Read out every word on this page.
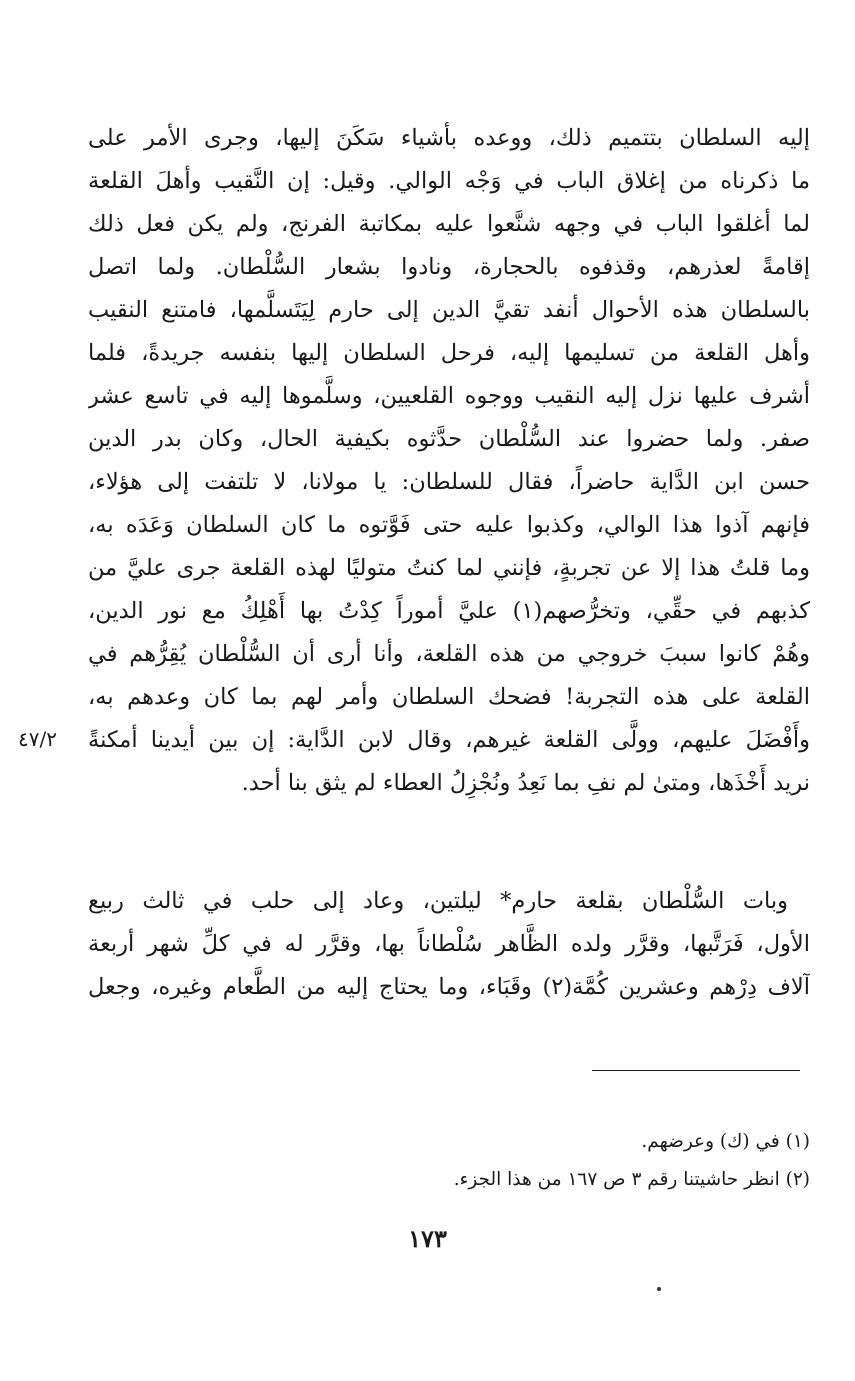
إليه السلطان بتتميم ذلك، ووعده بأشياء سَكَنَ إليها، وجرى الأمر على
ما ذكرناه من إغلاق الباب في وَجْه الوالي. وقيل: إن النَّقيب وأهلَ القلعة
لما أغلقوا الباب في وجهه شنَّعوا عليه بمكاتبة الفرنج، ولم يكن فعل ذلك
إقامةً لعذرهم، وقذفوه بالحجارة، ونادوا بشعار السُّلْطان. ولما اتصل
بالسلطان هذه الأحوال أنفد تقيَّ الدين إلى حارم لِيَتَسلَّمها، فامتنع النقيب
وأهل القلعة من تسليمها إليه، فرحل السلطان إليها بنفسه جريدةً، فلما
أشرف عليها نزل إليه النقيب ووجوه القلعيين، وسلَّموها إليه في تاسع عشر
صفر. ولما حضروا عند السُّلْطان حدَّثوه بكيفية الحال، وكان بدر الدين
حسن ابن الدَّاية حاضراً، فقال للسلطان: يا مولانا، لا تلتفت إلى هؤلاء،
فإنهم آذوا هذا الوالي، وكذبوا عليه حتى فَوَّتوه ما كان السلطان وَعَدَه به،
وما قلتُ هذا إلا عن تجربةٍ، فإنني لما كنتُ متوليًا لهذه القلعة جرى عليَّ من
كذبهم في حقِّي، وتخرُّصهم(١) عليَّ أموراً كِدْتُ بها أَهْلِكُ مع نور الدين،
وهُمْ كانوا سببَ خروجي من هذه القلعة، وأنا أرى أن السُّلْطان يُقِرُّهم في
القلعة على هذه التجربة! فضحك السلطان وأمر لهم بما كان وعدهم به،
وأَفْضَلَ عليهم، وولَّى القلعة غيرهم، وقال لابن الدَّاية: إن بين أيدينا أمكنةً
نريد أَخْذَها، ومتىٰ لم نفِ بما نَعِدُ ونُجْزِلُ العطاء لم يثق بنا أحد.
٤٧/٢
وبات السُّلْطان بقلعة حارم* ليلتين، وعاد إلى حلب في ثالث ربيع
الأول، فَرَتَّبها، وقرَّر ولده الظَّاهر سُلْطاناً بها، وقرَّر له في كلِّ شهر أربعة
آلاف دِرْهم وعشرين كُمَّة(٢) وقَبَاء، وما يحتاج إليه من الطَّعام وغيره، وجعل
(١) في (ك) وعرضهم.
(٢) انظر حاشيتنا رقم ٣ ص ١٦٧ من هذا الجزء.
١٧٣
